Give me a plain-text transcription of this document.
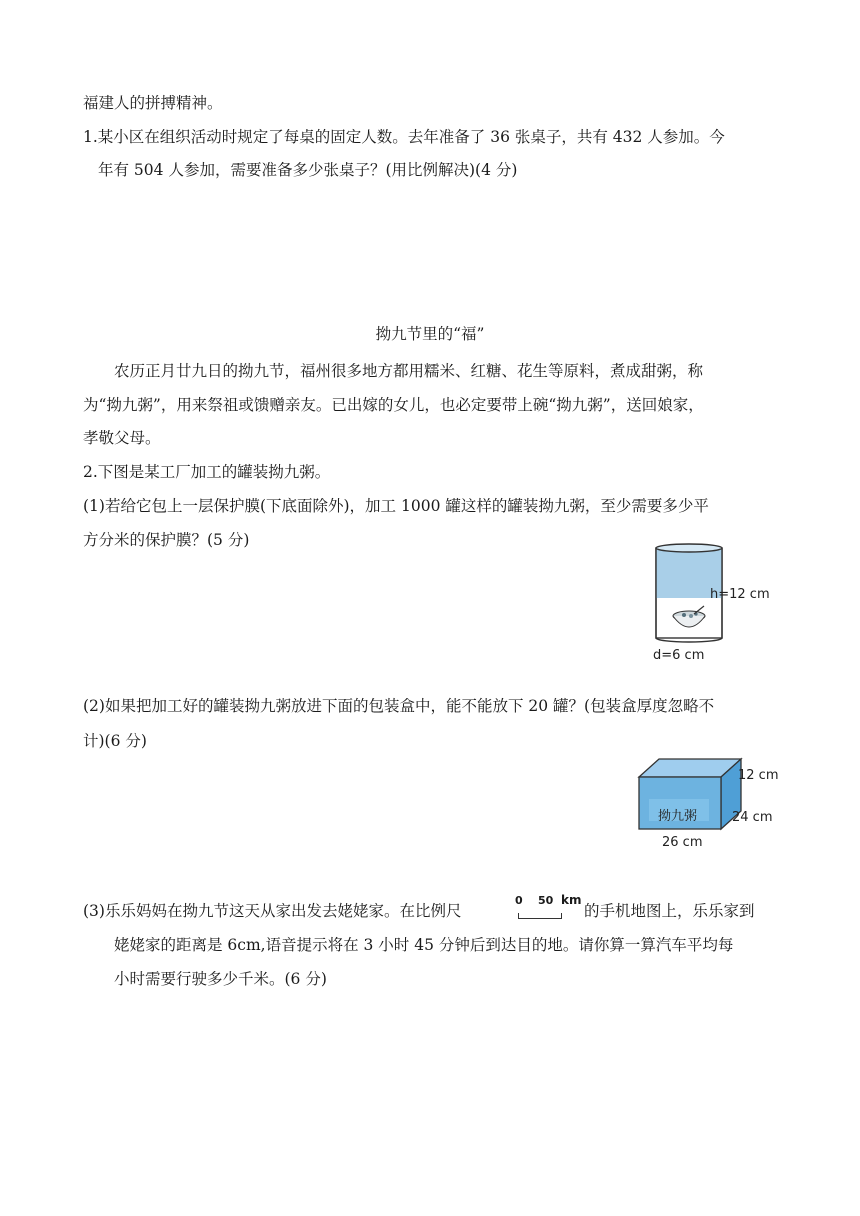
福建人的拼搏精神。
1.某小区在组织活动时规定了每桌的固定人数。去年准备了 36 张桌子，共有 432 人参加。今
年有 504 人参加，需要准备多少张桌子？(用比例解决)(4 分)
拗九节里的“福”
农历正月廿九日的拗九节，福州很多地方都用糯米、红糖、花生等原料，煮成甜粥，称
为“拗九粥”，用来祭祖或馈赠亲友。已出嫁的女儿，也必定要带上碗“拗九粥”，送回娘家，
孝敬父母。
2.下图是某工厂加工的罐装拗九粥。
(1)若给它包上一层保护膜(下底面除外)，加工 1000 罐这样的罐装拗九粥，至少需要多少平
方分米的保护膜？(5 分)
(2)如果把加工好的罐装拗九粥放进下面的包装盒中，能不能放下 20 罐？(包装盒厚度忽略不
计)(6 分)
(3)乐乐妈妈在拗九节这天从家出发去姥姥家。在比例尺	的手机地图上，乐乐家到
姥姥家的距离是 6cm,语音提示将在 3 小时 45 分钟后到达目的地。请你算一算汽车平均每
小时需要行驶多少千米。(6 分)
h=12 cm
d=6 cm
拗九粥
12 cm
24 cm
26 cm
0 50 km
